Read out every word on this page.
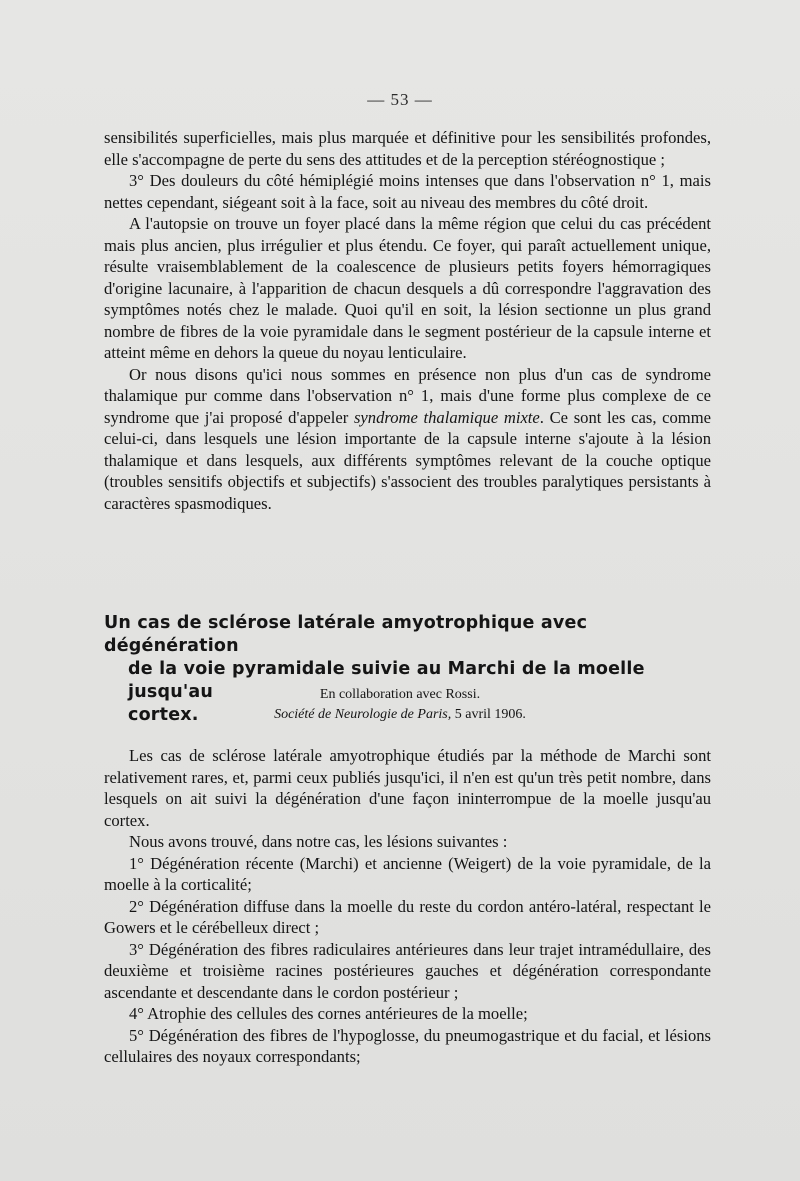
— 53 —

sensibilités superficielles, mais plus marquée et définitive pour les sensibilités profondes, elle s'accompagne de perte du sens des attitudes et de la perception stéréognostique ;

3° Des douleurs du côté hémiplégié moins intenses que dans l'observation n° 1, mais nettes cependant, siégeant soit à la face, soit au niveau des membres du côté droit.

A l'autopsie on trouve un foyer placé dans la même région que celui du cas précédent mais plus ancien, plus irrégulier et plus étendu. Ce foyer, qui paraît actuellement unique, résulte vraisemblablement de la coalescence de plusieurs petits foyers hémorragiques d'origine lacunaire, à l'apparition de chacun desquels a dû correspondre l'aggravation des symptômes notés chez le malade. Quoi qu'il en soit, la lésion sectionne un plus grand nombre de fibres de la voie pyramidale dans le segment postérieur de la capsule interne et atteint même en dehors la queue du noyau lenticulaire.

Or nous disons qu'ici nous sommes en présence non plus d'un cas de syndrome thalamique pur comme dans l'observation n° 1, mais d'une forme plus complexe de ce syndrome que j'ai proposé d'appeler syndrome thalamique mixte. Ce sont les cas, comme celui-ci, dans lesquels une lésion importante de la capsule interne s'ajoute à la lésion thalamique et dans lesquels, aux différents symptômes relevant de la couche optique (troubles sensitifs objectifs et subjectifs) s'associent des troubles paralytiques persistants à caractères spasmodiques.

Un cas de sclérose latérale amyotrophique avec dégénération
de la voie pyramidale suivie au Marchi de la moelle jusqu'au
cortex.
En collaboration avec Rossi.
Société de Neurologie de Paris, 5 avril 1906.

Les cas de sclérose latérale amyotrophique étudiés par la méthode de Marchi sont relativement rares, et, parmi ceux publiés jusqu'ici, il n'en est qu'un très petit nombre, dans lesquels on ait suivi la dégénération d'une façon ininterrompue de la moelle jusqu'au cortex.

Nous avons trouvé, dans notre cas, les lésions suivantes :

1° Dégénération récente (Marchi) et ancienne (Weigert) de la voie pyramidale, de la moelle à la corticalité;

2° Dégénération diffuse dans la moelle du reste du cordon antéro-latéral, respectant le Gowers et le cérébelleux direct ;

3° Dégénération des fibres radiculaires antérieures dans leur trajet intramédullaire, des deuxième et troisième racines postérieures gauches et dégénération correspondante ascendante et descendante dans le cordon postérieur ;

4° Atrophie des cellules des cornes antérieures de la moelle;

5° Dégénération des fibres de l'hypoglosse, du pneumogastrique et du facial, et lésions cellulaires des noyaux correspondants;
